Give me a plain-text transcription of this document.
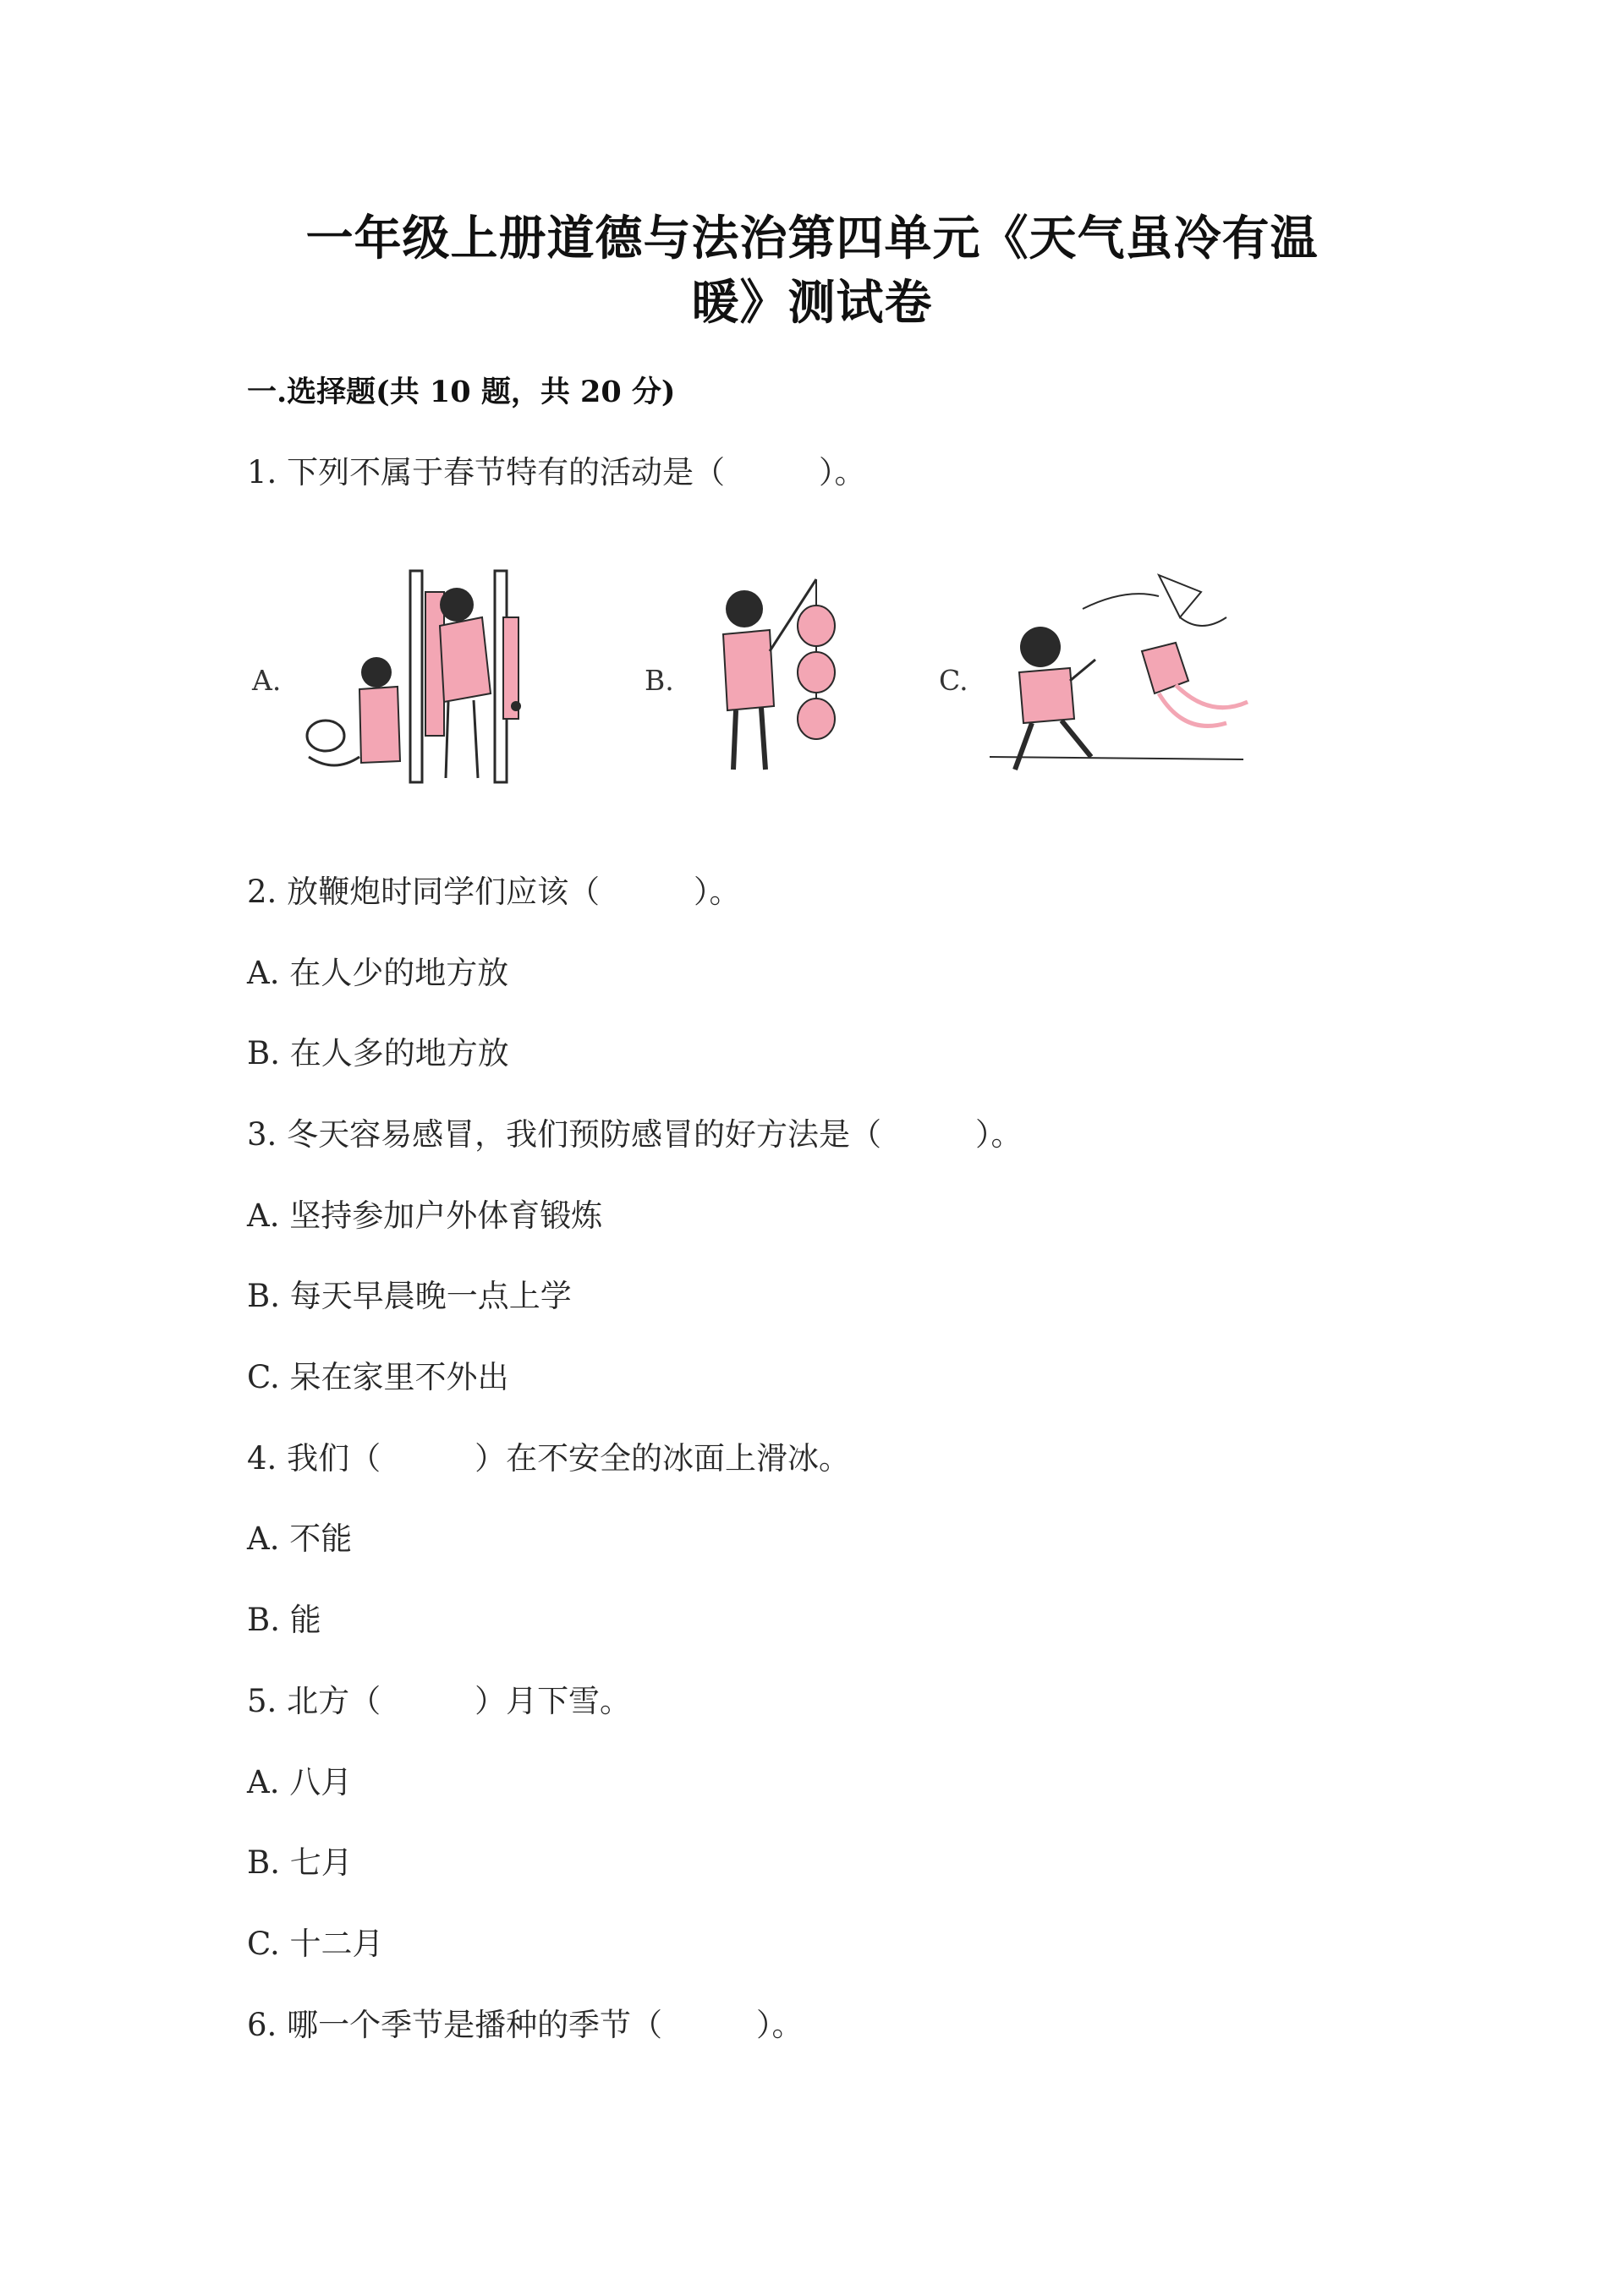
一年级上册道德与法治第四单元《天气虽冷有温
暖》测试卷
一.选择题(共 10 题，共 20 分)
1. 下列不属于春节特有的活动是（　　　）。
A.	B.	C.
2. 放鞭炮时同学们应该（　　　）。
A. 在人少的地方放
B. 在人多的地方放
3. 冬天容易感冒，我们预防感冒的好方法是（　　　）。
A. 坚持参加户外体育锻炼
B. 每天早晨晚一点上学
C. 呆在家里不外出
4. 我们（　　　）在不安全的冰面上滑冰。
A. 不能
B. 能
5. 北方（　　　）月下雪。
A. 八月
B. 七月
C. 十二月
6. 哪一个季节是播种的季节（　　　）。
